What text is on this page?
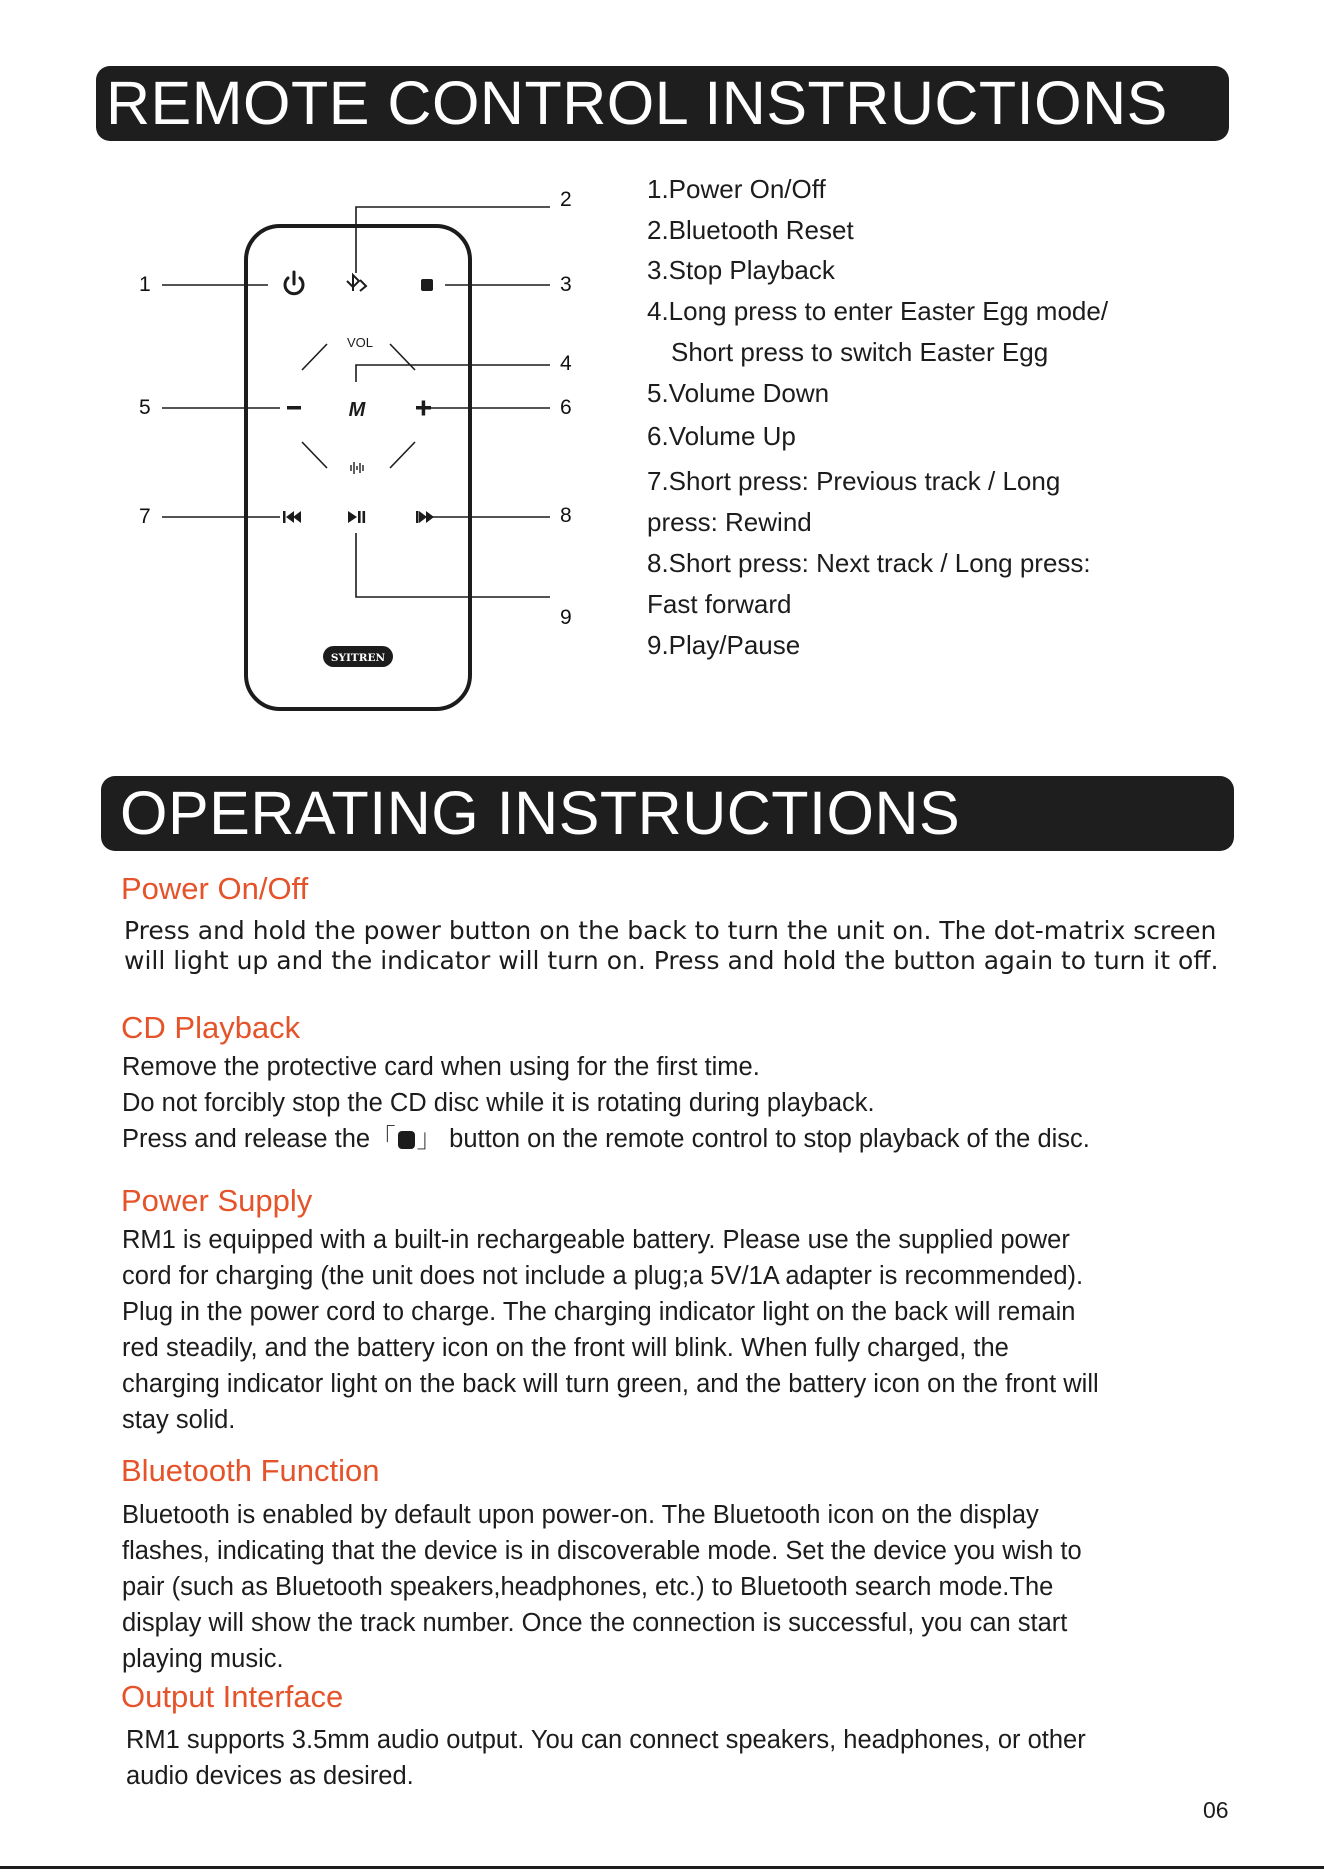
REMOTE CONTROL INSTRUCTIONS
VOL
M
SYITREN
1
2
3
4
5	6
7	8
9
1.Power On/Off
2.Bluetooth Reset
3.Stop Playback
4.Long press to enter Easter Egg mode/
Short press to switch Easter Egg
5.Volume Down
6.Volume Up
7.Short press: Previous track / Long
press: Rewind
8.Short press: Next track / Long press:
Fast forward
9.Play/Pause
OPERATING INSTRUCTIONS
Power On/Off
Press and hold the power button on the back to turn the unit on. The dot-matrix screen
will light up and the indicator will turn on. Press and hold the button again to turn it off.
CD Playback
Remove the protective card when using for the first time.
Do not forcibly stop the CD disc while it is rotating during playback.
Press and release the「 」 button on the remote control to stop playback of the disc.
Power Supply
RM1 is equipped with a built-in rechargeable battery. Please use the supplied power
cord for charging (the unit does not include a plug;a 5V/1A adapter is recommended).
Plug in the power cord to charge. The charging indicator light on the back will remain
red steadily, and the battery icon on the front will blink. When fully charged, the
charging indicator light on the back will turn green, and the battery icon on the front will
stay solid.
Bluetooth Function
Bluetooth is enabled by default upon power-on. The Bluetooth icon on the display
flashes, indicating that the device is in discoverable mode. Set the device you wish to
pair (such as Bluetooth speakers,headphones, etc.) to Bluetooth search mode.The
display will show the track number. Once the connection is successful, you can start
playing music.
Output Interface
RM1 supports 3.5mm audio output. You can connect speakers, headphones, or other
audio devices as desired.
06
